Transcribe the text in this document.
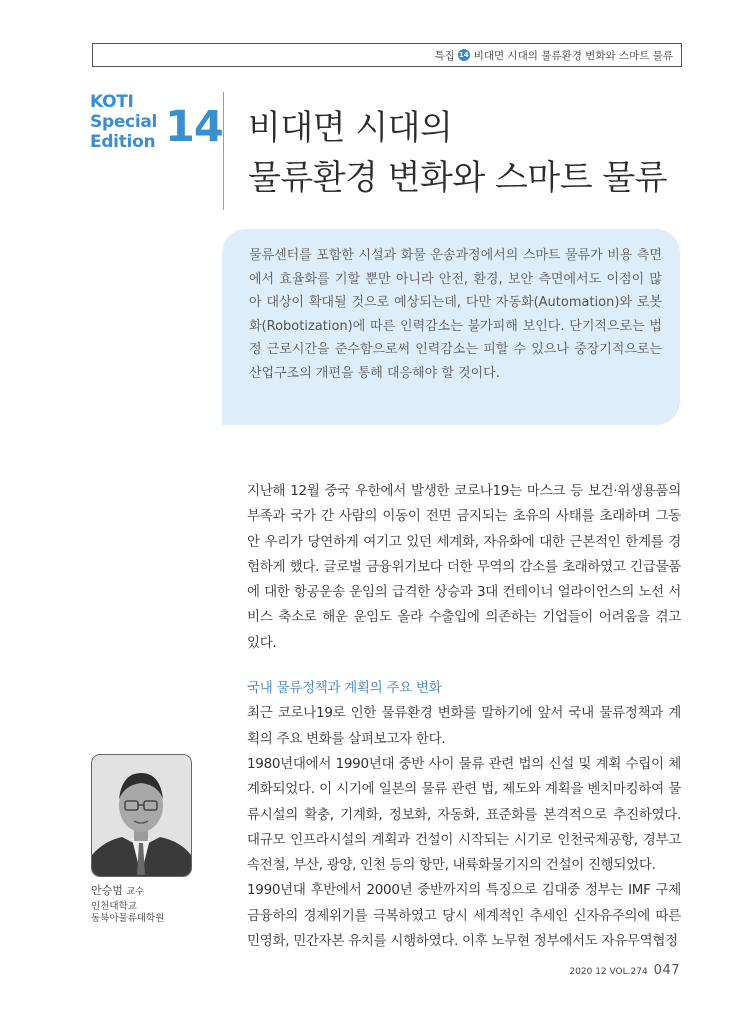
특집 14 비대면 시대의 물류환경 변화와 스마트 물류
KOTI
Special
Edition 14 비대면 시대의
물류환경 변화와 스마트 물류
물류센터를 포함한 시설과 화물 운송과정에서의 스마트 물류가 비용 측면에서 효율화를 기할 뿐만 아니라 안전, 환경, 보안 측면에서도 이점이 많아 대상이 확대될 것으로 예상되는데, 다만 자동화(Automation)와 로봇화(Robotization)에 따른 인력감소는 불가피해 보인다. 단기적으로는 법정 근로시간을 준수함으로써 인력감소는 피할 수 있으나 중장기적으로는 산업구조의 개편을 통해 대응해야 할 것이다.

지난해 12월 중국 우한에서 발생한 코로나19는 마스크 등 보건·위생용품의 부족과 국가 간 사람의 이동이 전면 금지되는 초유의 사태를 초래하며 그동안 우리가 당연하게 여기고 있던 세계화, 자유화에 대한 근본적인 한계를 경험하게 했다. 글로벌 금융위기보다 더한 무역의 감소를 초래하였고 긴급물품에 대한 항공운송 운임의 급격한 상승과 3대 컨테이너 얼라이언스의 노선 서비스 축소로 해운 운임도 올라 수출입에 의존하는 기업들이 어려움을 겪고 있다.

국내 물류정책과 계획의 주요 변화

최근 코로나19로 인한 물류환경 변화를 말하기에 앞서 국내 물류정책과 계획의 주요 변화를 살펴보고자 한다.

1980년대에서 1990년대 중반 사이 물류 관련 법의 신설 및 계획 수립이 체계화되었다. 이 시기에 일본의 물류 관련 법, 제도와 계획을 벤치마킹하여 물류시설의 확충, 기계화, 정보화, 자동화, 표준화를 본격적으로 추진하였다. 대규모 인프라시설의 계획과 건설이 시작되는 시기로 인천국제공항, 경부고속전철, 부산, 광양, 인천 등의 항만, 내륙화물기지의 건설이 진행되었다.

1990년대 후반에서 2000년 중반까지의 특징으로 김대중 정부는 IMF 구제금융하의 경제위기를 극복하였고 당시 세계적인 추세인 신자유주의에 따른 민영화, 민간자본 유치를 시행하였다. 이후 노무현 정부에서도 자유무역협정

안승범 교수
인천대학교
동북아물류대학원
2020 12 VOL.274 047
